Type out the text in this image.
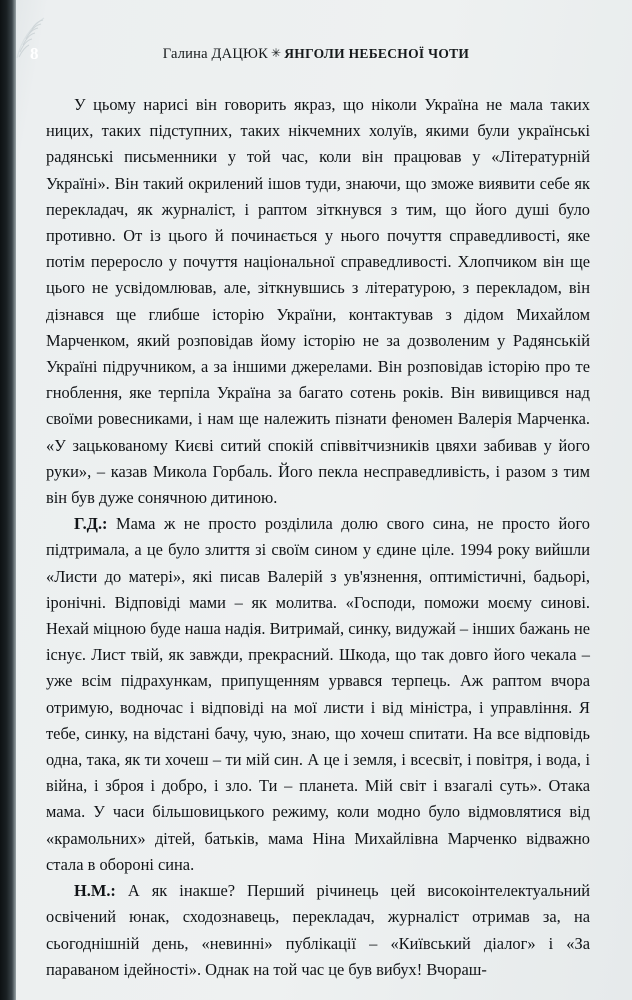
8	Галина ДАЦЮК ✳ ЯНГОЛИ НЕБЕСНОЇ ЧОТИ

У цьому нарисі він говорить якраз, що ніколи Україна не мала таких ницих, таких підступних, таких нікчемних холуїв, якими були українські радянські письменники у той час, коли він працював у «Літературній Україні». Він такий окрилений ішов туди, знаючи, що зможе виявити себе як перекладач, як журналіст, і раптом зіткнувся з тим, що його душі було противно. От із цього й починається у нього почуття справедливості, яке потім переросло у почуття національної справедливості. Хлопчиком він ще цього не усвідомлював, але, зіткнувшись з літературою, з перекладом, він дізнався ще глибше історію України, контактував з дідом Михайлом Марченком, який розповідав йому історію не за дозволеним у Радянській Україні підручником, а за іншими джерелами. Він розповідав історію про те гноблення, яке терпіла Україна за багато сотень років. Він вивищився над своїми ровесниками, і нам ще належить пізнати феномен Валерія Марченка. «У зацькованому Києві ситий спокій співвітчизників цвяхи забивав у його руки», – казав Микола Горбаль. Його пекла несправедливість, і разом з тим він був дуже сонячною дитиною.

Г.Д.: Мама ж не просто розділила долю свого сина, не просто його підтримала, а це було злиття зі своїм сином у єдине ціле. 1994 року вийшли «Листи до матері», які писав Валерій з ув'язнення, оптимістичні, бадьорі, іронічні. Відповіді мами – як молитва. «Господи, поможи моєму синові. Нехай міцною буде наша надія. Витримай, синку, видужай – інших бажань не існує. Лист твій, як завжди, прекрасний. Шкода, що так довго його чекала – уже всім підрахункам, припущенням урвався терпець. Аж раптом вчора отримую, водночас і відповіді на мої листи і від міністра, і управління. Я тебе, синку, на відстані бачу, чую, знаю, що хочеш спитати. На все відповідь одна, така, як ти хочеш – ти мій син. А це і земля, і всесвіт, і повітря, і вода, і війна, і зброя і добро, і зло. Ти – планета. Мій світ і взагалі суть». Отака мама. У часи більшовицького режиму, коли модно було відмовлятися від «крамольних» дітей, батьків, мама Ніна Михайлівна Марченко відважно стала в обороні сина.

Н.М.: А як інакше? Перший річинець цей високоінтелектуальний освічений юнак, сходознавець, перекладач, журналіст отримав за, на сьогоднішній день, «невинні» публікації – «Київський діалог» і «За параваном ідейності». Однак на той час це був вибух! Вчораш-
